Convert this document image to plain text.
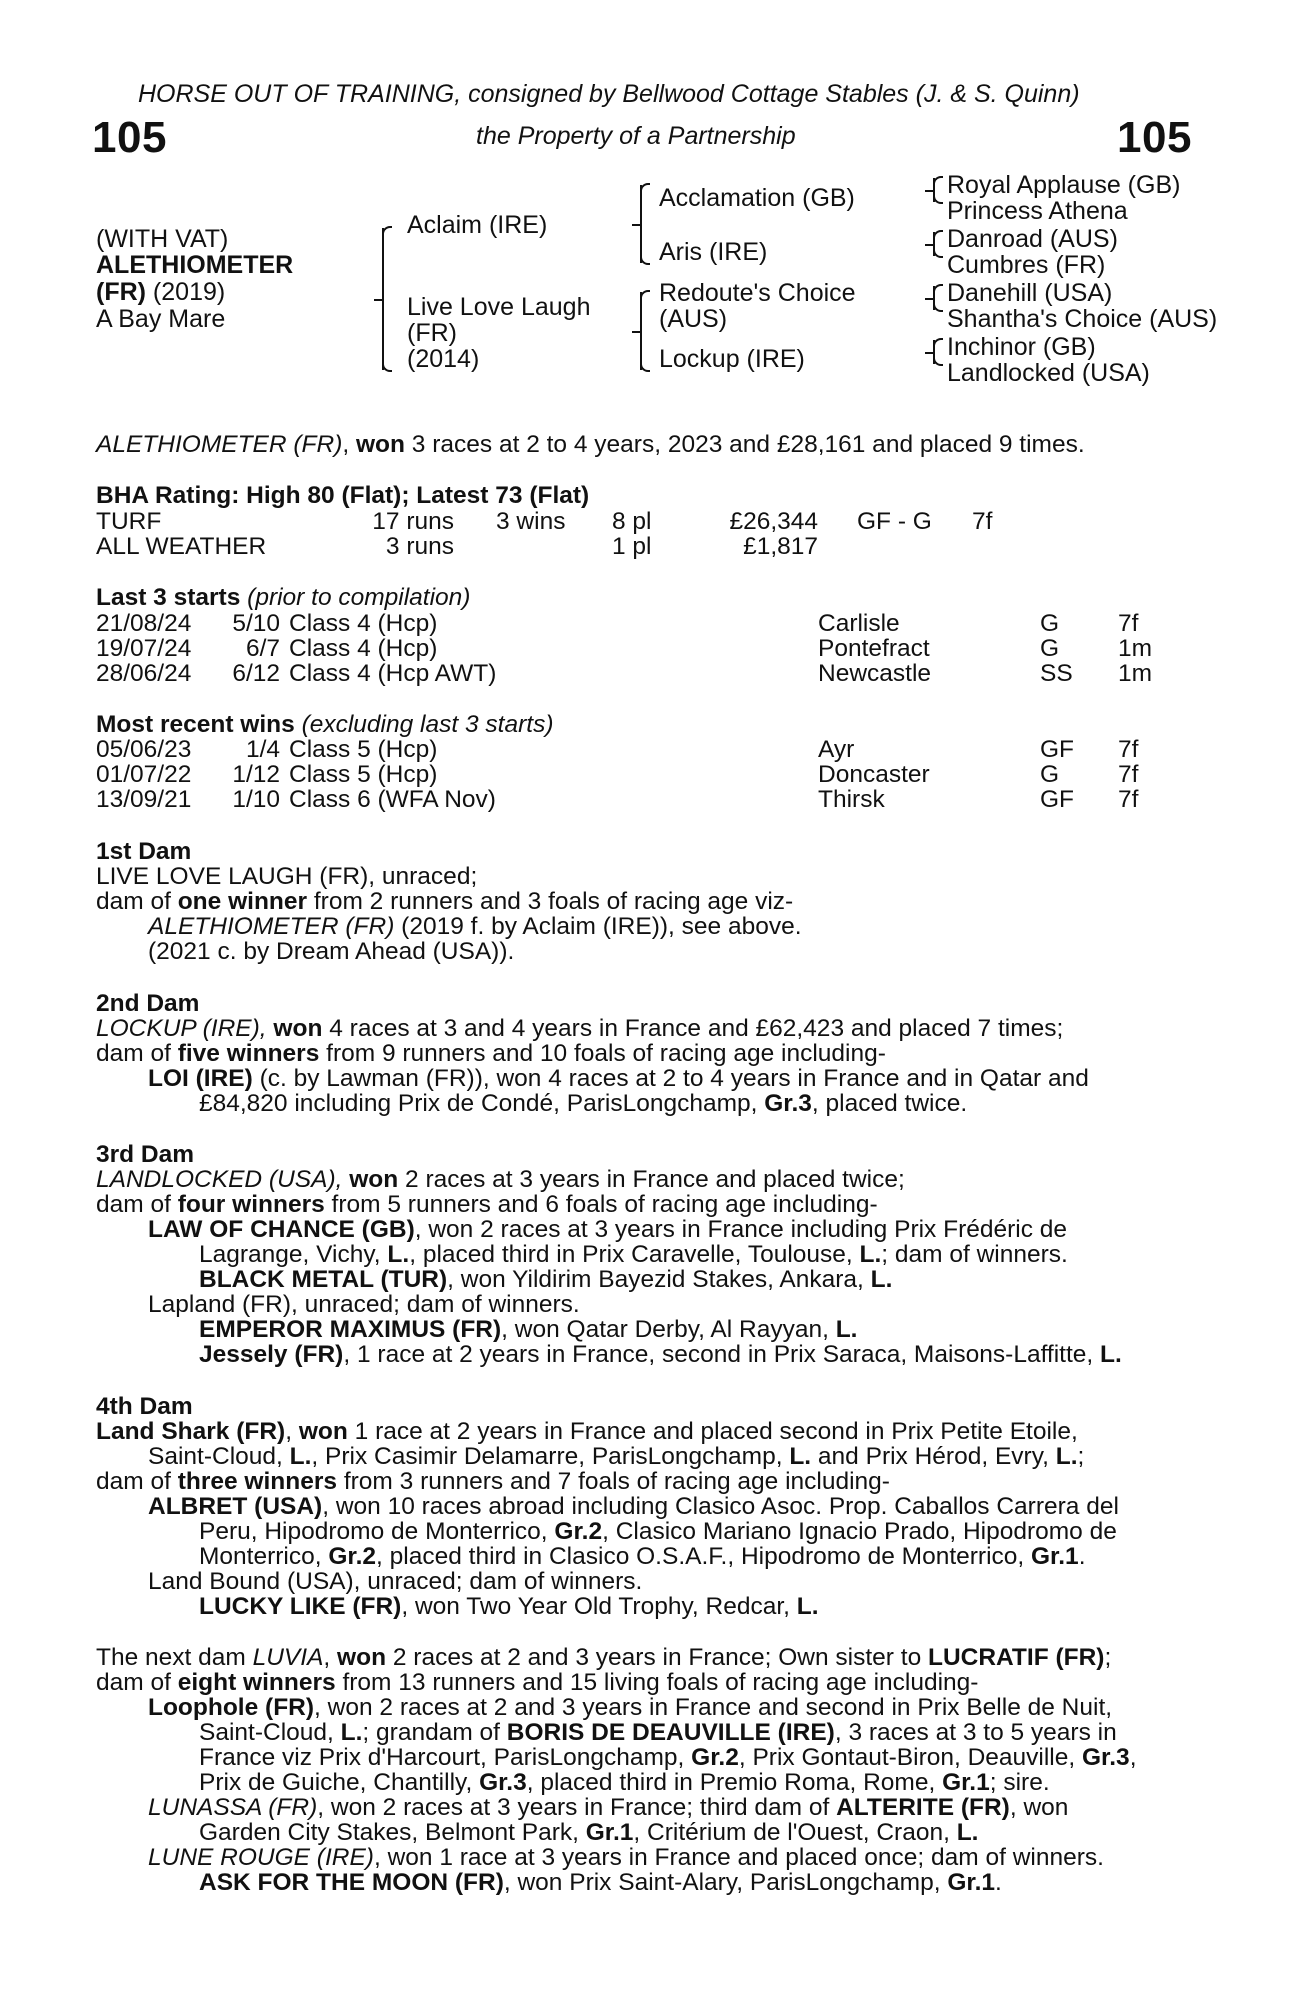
HORSE OUT OF TRAINING, consigned by Bellwood Cottage Stables (J. & S. Quinn)
105	the Property of a Partnership	105
(WITH VAT)
ALETHIOMETER
(FR) (2019)
A Bay Mare
Aclaim (IRE)
Live Love Laugh
(FR)
(2014)
Acclamation (GB)
Aris (IRE)
Redoute's Choice
(AUS)
Lockup (IRE)
Royal Applause (GB)
Princess Athena
Danroad (AUS)
Cumbres (FR)
Danehill (USA)
Shantha's Choice (AUS)
Inchinor (GB)
Landlocked (USA)
ALETHIOMETER (FR), won 3 races at 2 to 4 years, 2023 and £28,161 and placed 9 times.
BHA Rating: High 80 (Flat); Latest 73 (Flat)
TURF	17 runs 3 wins 8 pl	£26,344 GF - G 7f
ALL WEATHER	3 runs	1 pl	£1,817
Last 3 starts (prior to compilation)
21/08/24	5/10 Class 4 (Hcp)	Carlisle	G 7f
19/07/24	6/7 Class 4 (Hcp)	Pontefract	G 1m
28/06/24	6/12 Class 4 (Hcp AWT)	Newcastle	SS 1m
Most recent wins (excluding last 3 starts)
05/06/23	1/4 Class 5 (Hcp)	Ayr	GF 7f
01/07/22	1/12 Class 5 (Hcp)	Doncaster	G 7f
13/09/21	1/10 Class 6 (WFA Nov)	Thirsk	GF 7f
1st Dam
LIVE LOVE LAUGH (FR), unraced;
dam of one winner from 2 runners and 3 foals of racing age viz-
ALETHIOMETER (FR) (2019 f. by Aclaim (IRE)), see above.
(2021 c. by Dream Ahead (USA)).
2nd Dam
LOCKUP (IRE), won 4 races at 3 and 4 years in France and £62,423 and placed 7 times;
dam of five winners from 9 runners and 10 foals of racing age including-
LOI (IRE) (c. by Lawman (FR)), won 4 races at 2 to 4 years in France and in Qatar and
£84,820 including Prix de Condé, ParisLongchamp, Gr.3, placed twice.
3rd Dam
LANDLOCKED (USA), won 2 races at 3 years in France and placed twice;
dam of four winners from 5 runners and 6 foals of racing age including-
LAW OF CHANCE (GB), won 2 races at 3 years in France including Prix Frédéric de
Lagrange, Vichy, L., placed third in Prix Caravelle, Toulouse, L.; dam of winners.
BLACK METAL (TUR), won Yildirim Bayezid Stakes, Ankara, L.
Lapland (FR), unraced; dam of winners.
EMPEROR MAXIMUS (FR), won Qatar Derby, Al Rayyan, L.
Jessely (FR), 1 race at 2 years in France, second in Prix Saraca, Maisons-Laffitte, L.
4th Dam
Land Shark (FR), won 1 race at 2 years in France and placed second in Prix Petite Etoile,
Saint-Cloud, L., Prix Casimir Delamarre, ParisLongchamp, L. and Prix Hérod, Evry, L.;
dam of three winners from 3 runners and 7 foals of racing age including-
ALBRET (USA), won 10 races abroad including Clasico Asoc. Prop. Caballos Carrera del
Peru, Hipodromo de Monterrico, Gr.2, Clasico Mariano Ignacio Prado, Hipodromo de
Monterrico, Gr.2, placed third in Clasico O.S.A.F., Hipodromo de Monterrico, Gr.1.
Land Bound (USA), unraced; dam of winners.
LUCKY LIKE (FR), won Two Year Old Trophy, Redcar, L.
The next dam LUVIA, won 2 races at 2 and 3 years in France; Own sister to LUCRATIF (FR);
dam of eight winners from 13 runners and 15 living foals of racing age including-
Loophole (FR), won 2 races at 2 and 3 years in France and second in Prix Belle de Nuit,
Saint-Cloud, L.; grandam of BORIS DE DEAUVILLE (IRE), 3 races at 3 to 5 years in
France viz Prix d'Harcourt, ParisLongchamp, Gr.2, Prix Gontaut-Biron, Deauville, Gr.3,
Prix de Guiche, Chantilly, Gr.3, placed third in Premio Roma, Rome, Gr.1; sire.
LUNASSA (FR), won 2 races at 3 years in France; third dam of ALTERITE (FR), won
Garden City Stakes, Belmont Park, Gr.1, Critérium de l'Ouest, Craon, L.
LUNE ROUGE (IRE), won 1 race at 3 years in France and placed once; dam of winners.
ASK FOR THE MOON (FR), won Prix Saint-Alary, ParisLongchamp, Gr.1.
